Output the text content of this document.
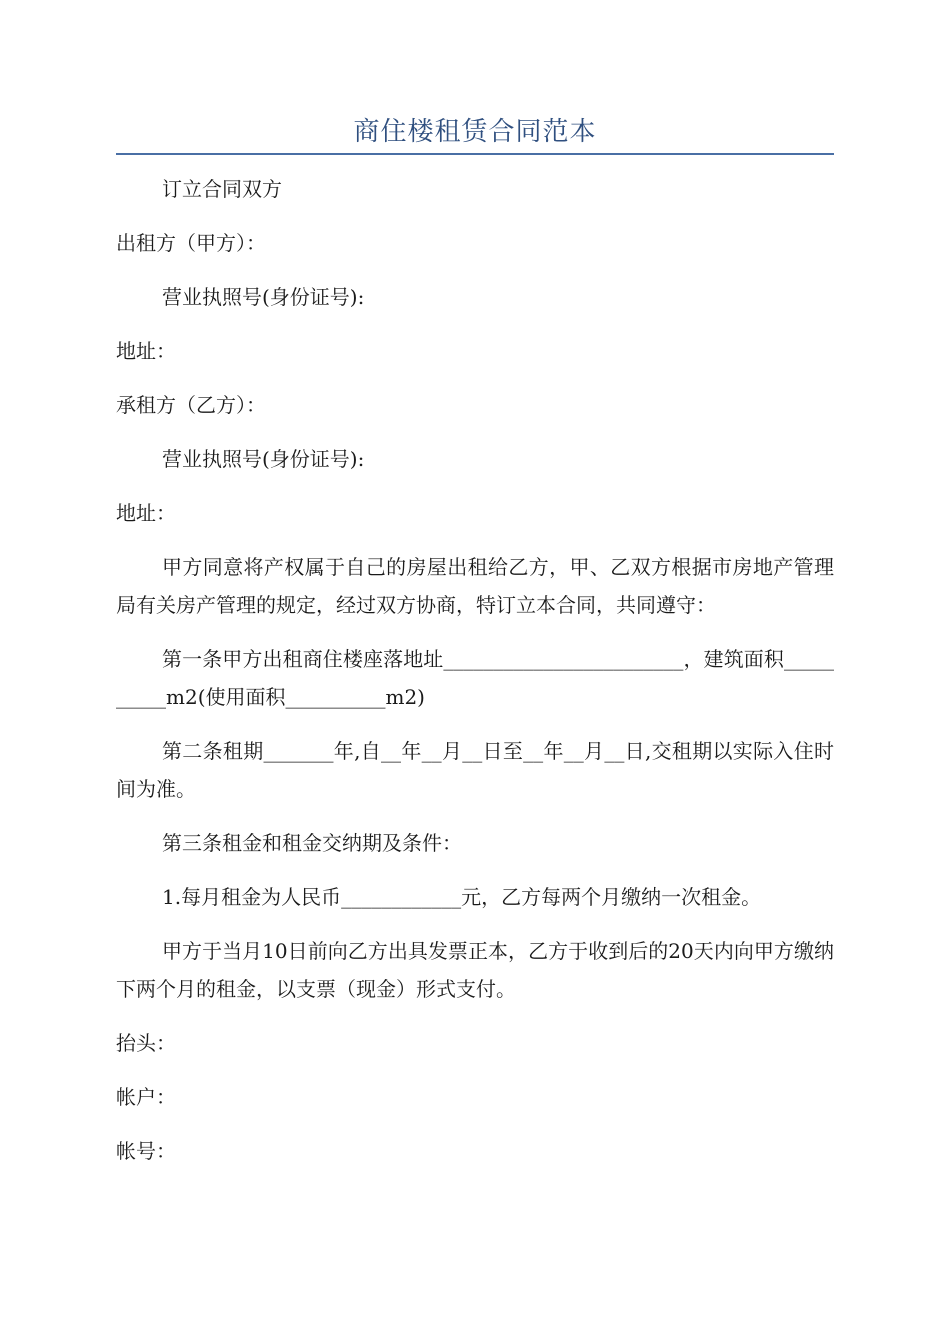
商住楼租赁合同范本

订立合同双方

出租方（甲方）：

营业执照号(身份证号):

地址：

承租方（乙方）：

营业执照号(身份证号):

地址：

甲方同意将产权属于自己的房屋出租给乙方，甲、乙双方根据市房地产管理局有关房产管理的规定，经过双方协商，特订立本合同，共同遵守：

第一条甲方出租商住楼座落地址________________________，建筑面积__________m2(使用面积__________m2)

第二条租期_______年,自__年__月__日至__年__月__日,交租期以实际入住时间为准。

第三条租金和租金交纳期及条件：

1.每月租金为人民币____________元，乙方每两个月缴纳一次租金。

甲方于当月10日前向乙方出具发票正本，乙方于收到后的20天内向甲方缴纳下两个月的租金，以支票（现金）形式支付。

抬头：

帐户：

帐号：
